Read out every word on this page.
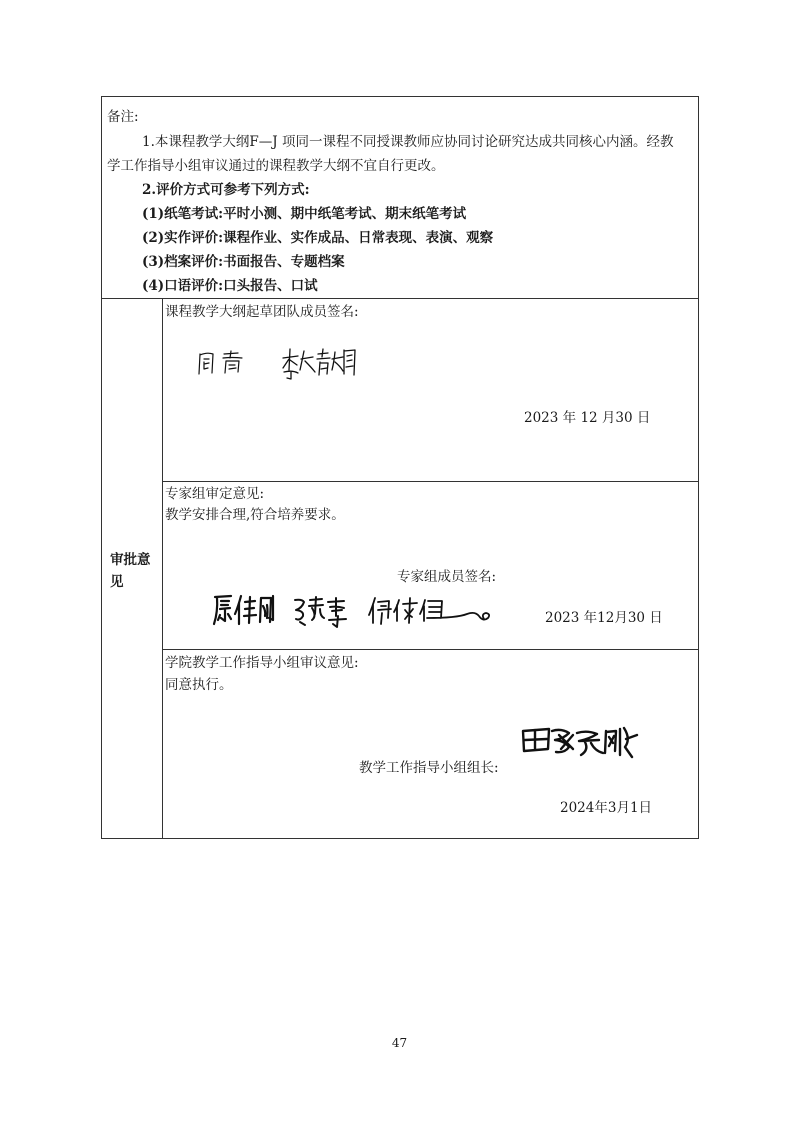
备注:
1.本课程教学大纲F—J 项同一课程不同授课教师应协同讨论研究达成共同核心内涵。经教
学工作指导小组审议通过的课程教学大纲不宜自行更改。
2.评价方式可参考下列方式:
(1)纸笔考试:平时小测、期中纸笔考试、期末纸笔考试
(2)实作评价:课程作业、实作成品、日常表现、表演、观察
(3)档案评价:书面报告、专题档案
(4)口语评价:口头报告、口试
审批意
见
课程教学大纲起草团队成员签名:
2023 年 12 月30 日
专家组审定意见:
教学安排合理,符合培养要求。
专家组成员签名:
2023 年12月30 日
学院教学工作指导小组审议意见:
同意执行。
教学工作指导小组组长:
2024年3月1日
47
